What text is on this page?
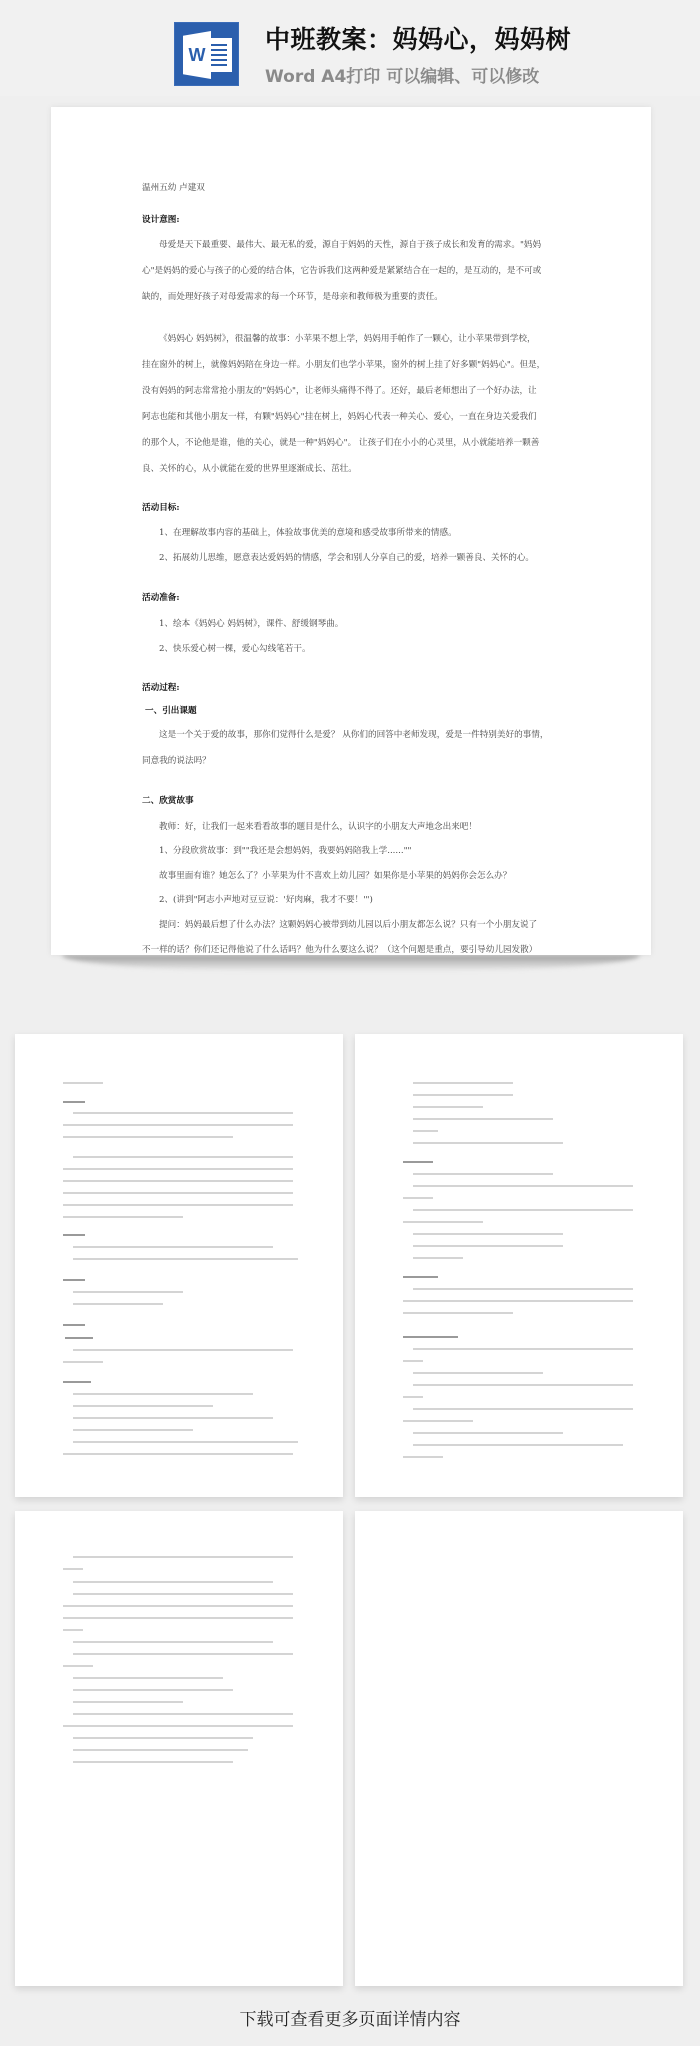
W
中班教案：妈妈心，妈妈树
Word A4打印 可以编辑、可以修改
温州五幼 卢建双
设计意图:
母爱是天下最重要、最伟大、最无私的爱，源自于妈妈的天性，源自于孩子成长和发育的需求。"妈妈
心"是妈妈的爱心与孩子的心爱的结合体，它告诉我们这两种爱是紧紧结合在一起的，是互动的，是不可或
缺的，而处理好孩子对母爱需求的每一个环节，是母亲和教师极为重要的责任。
《妈妈心 妈妈树》，很温馨的故事：小苹果不想上学，妈妈用手帕作了一颗心，让小苹果带到学校，
挂在窗外的树上，就像妈妈陪在身边一样。小朋友们也学小苹果，窗外的树上挂了好多颗"妈妈心"。但是，
没有妈妈的阿志常常抢小朋友的"妈妈心"，让老师头痛得不得了。还好，最后老师想出了一个好办法，让
阿志也能和其他小朋友一样，有颗"妈妈心"挂在树上，妈妈心代表一种关心、爱心，一直在身边关爱我们
的那个人，不论他是谁，他的关心，就是一种"妈妈心"。 让孩子们在小小的心灵里，从小就能培养一颗善
良、关怀的心，从小就能在爱的世界里逐渐成长、茁壮。
活动目标:
1、在理解故事内容的基础上，体验故事优美的意境和感受故事所带来的情感。
2、拓展幼儿思维，愿意表达爱妈妈的情感，学会和别人分享自己的爱，培养一颗善良、关怀的心。
活动准备:
1、绘本《妈妈心 妈妈树》，课件、舒缓钢琴曲。
2、快乐爱心树一棵，爱心勾线笔若干。
活动过程:
一、引出课题
这是一个关于爱的故事，那你们觉得什么是爱？ 从你们的回答中老师发现，爱是一件特别美好的事情，
同意我的说法吗？
二、欣赏故事
教师：好，让我们一起来看看故事的题目是什么，认识字的小朋友大声地念出来吧！
1、分段欣赏故事：到""我还是会想妈妈，我要妈妈陪我上学......""
故事里面有谁？她怎么了？小苹果为什不喜欢上幼儿园？如果你是小苹果的妈妈你会怎么办？
2、(讲到"阿志小声地对豆豆说：'好肉麻，我才不要！'")
提问：妈妈最后想了什么办法？这颗妈妈心被带到幼儿园以后小朋友都怎么说？只有一个小朋友说了
不一样的话？你们还记得他说了什么话吗？他为什么要这么说？（这个问题是重点，要引导幼儿园发散）
下载可查看更多页面详情内容
